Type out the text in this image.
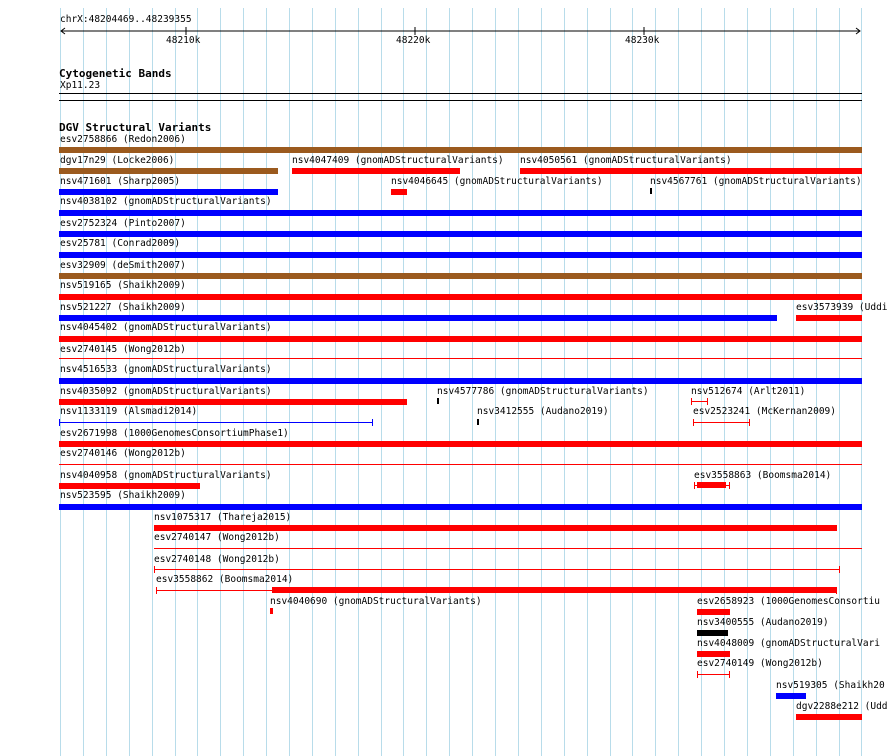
chrX:48204469..48239355
48210k	48220k	48230k
Cytogenetic Bands
Xp11.23
DGV Structural Variants
esv2758866 (Redon2006)
dgv17n29 (Locke2006)	nsv4047409 (gnomADStructuralVariants) nsv4050561 (gnomADStructuralVariants)
nsv471601 (Sharp2005)	nsv4046645 (gnomADStructuralVariants)	nsv4567761 (gnomADStructuralVariants)
nsv4038102 (gnomADStructuralVariants)
esv2752324 (Pinto2007)
esv25781 (Conrad2009)
esv32909 (deSmith2007)
nsv519165 (Shaikh2009)
nsv521227 (Shaikh2009)	esv3573939 (Uddi
nsv4045402 (gnomADStructuralVariants)
esv2740145 (Wong2012b)
nsv4516533 (gnomADStructuralVariants)
nsv4035092 (gnomADStructuralVariants)	nsv4577786 (gnomADStructuralVariants)	nsv512674 (Arlt2011)
nsv1133119 (Alsmadi2014)	nsv3412555 (Audano2019)	esv2523241 (McKernan2009)
esv2671998 (1000GenomesConsortiumPhase1)
esv2740146 (Wong2012b)
nsv4040958 (gnomADStructuralVariants)	esv3558863 (Boomsma2014)
nsv523595 (Shaikh2009)
nsv1075317 (Thareja2015)
esv2740147 (Wong2012b)
esv2740148 (Wong2012b)
esv3558862 (Boomsma2014)
nsv4040690 (gnomADStructuralVariants)	esv2658923 (1000GenomesConsortiu
nsv3400555 (Audano2019)
nsv4048009 (gnomADStructuralVari
esv2740149 (Wong2012b)
nsv519305 (Shaikh20
dgv2288e212 (Udd
